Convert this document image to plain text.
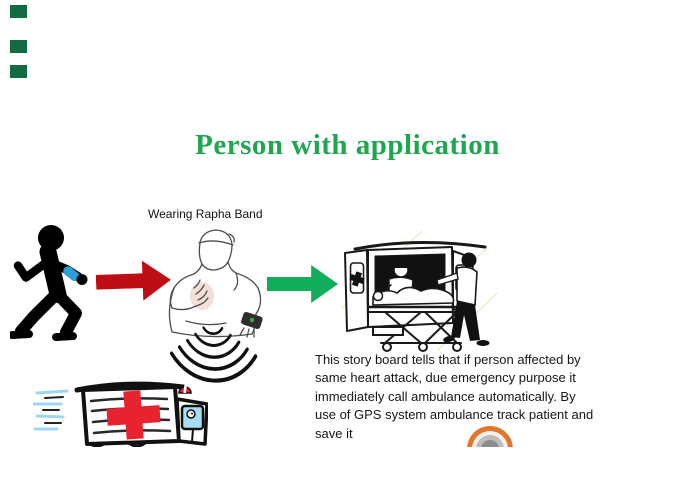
Person with application
Wearing Rapha Band
This story board tells that if person affected by
same heart attack, due emergency purpose it
immediately call ambulance automatically. By
use of GPS system ambulance track patient and
save it
